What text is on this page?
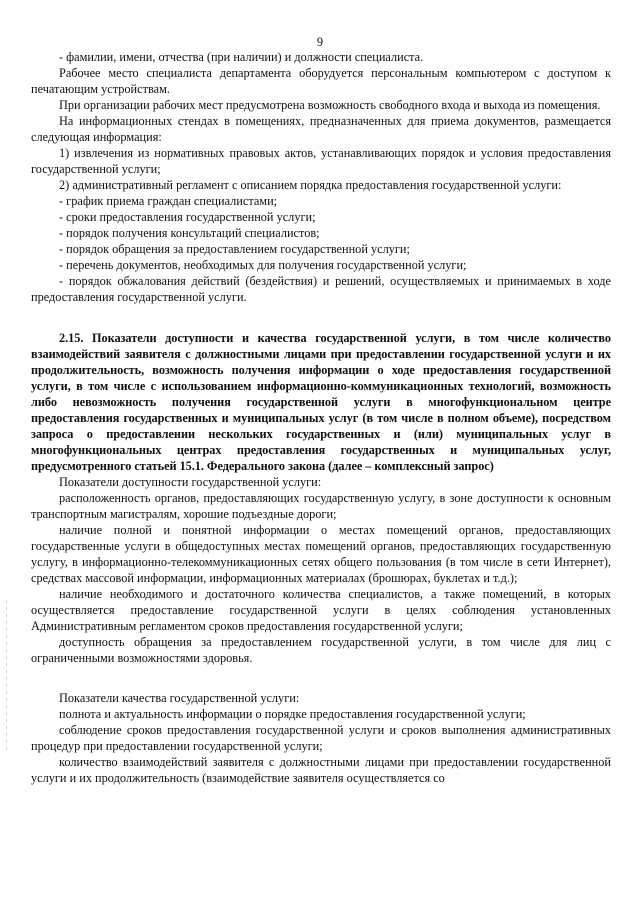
9

- фамилии, имени, отчества (при наличии) и должности специалиста.

Рабочее место специалиста департамента оборудуется персональным компьютером с доступом к печатающим устройствам.

При организации рабочих мест предусмотрена возможность свободного входа и выхода из помещения.

На информационных стендах в помещениях, предназначенных для приема документов, размещается следующая информация:

1) извлечения из нормативных правовых актов, устанавливающих порядок и условия предоставления государственной услуги;

2) административный регламент с описанием порядка предоставления государственной услуги:

- график приема граждан специалистами;

- сроки предоставления государственной услуги;

- порядок получения консультаций специалистов;

- порядок обращения за предоставлением государственной услуги;

- перечень документов, необходимых для получения государственной услуги;

- порядок обжалования действий (бездействия) и решений, осуществляемых и принимаемых в ходе предоставления государственной услуги.

2.15. Показатели доступности и качества государственной услуги, в том числе количество взаимодействий заявителя с должностными лицами при предоставлении государственной услуги и их продолжительность, возможность получения информации о ходе предоставления государственной услуги, в том числе с использованием информационно-коммуникационных технологий, возможность либо невозможность получения государственной услуги в многофункциональном центре предоставления государственных и муниципальных услуг (в том числе в полном объеме), посредством запроса о предоставлении нескольких государственных и (или) муниципальных услуг в многофункциональных центрах предоставления государственных и муниципальных услуг, предусмотренного статьей 15.1. Федерального закона (далее – комплексный запрос)

Показатели доступности государственной услуги:

расположенность органов, предоставляющих государственную услугу, в зоне доступности к основным транспортным магистралям, хорошие подъездные дороги;

наличие полной и понятной информации о местах помещений органов, предоставляющих государственные услуги в общедоступных местах помещений органов, предоставляющих государственную услугу, в информационно-телекоммуникационных сетях общего пользования (в том числе в сети Интернет), средствах массовой информации, информационных материалах (брошюрах, буклетах и т.д.);

наличие необходимого и достаточного количества специалистов, а также помещений, в которых осуществляется предоставление государственной услуги в целях соблюдения установленных Административным регламентом сроков предоставления государственной услуги;

доступность обращения за предоставлением государственной услуги, в том числе для лиц с ограниченными возможностями здоровья.

Показатели качества государственной услуги:

полнота и актуальность информации о порядке предоставления государственной услуги;

соблюдение сроков предоставления государственной услуги и сроков выполнения административных процедур при предоставлении государственной услуги;

количество взаимодействий заявителя с должностными лицами при предоставлении государственной услуги и их продолжительность (взаимодействие заявителя осуществляется со
